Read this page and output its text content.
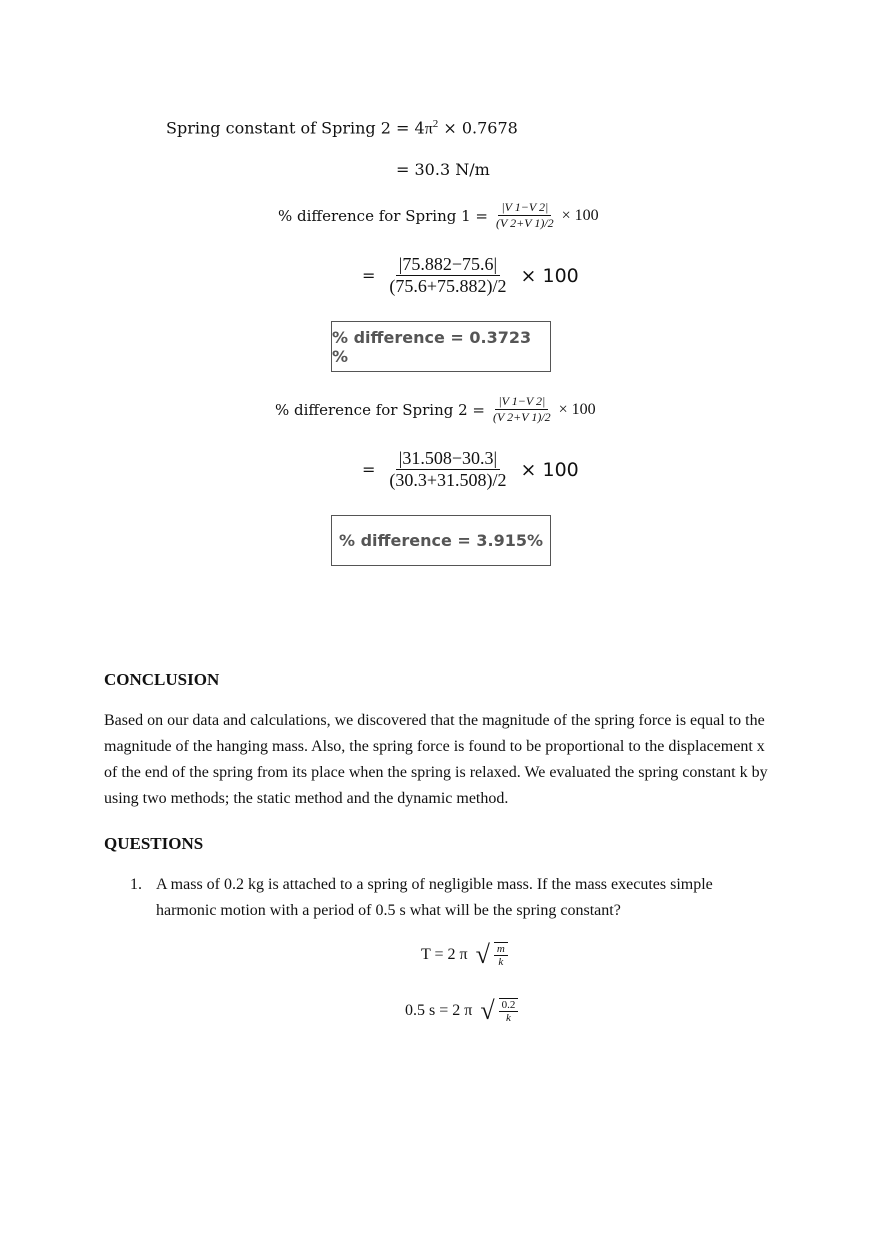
Spring constant of Spring $2 = 4\pi^2 \times 0.7678$
= 30.3 N/m
% difference for Spring $1 = \frac{|V 1-V 2|}{(V 2+V 1)/2} \times 100$
= $\frac{|75.882-75.6|}{(75.6+75.882)/2} \times 100$
% difference = 0.3723 %
% difference for Spring $2 = \frac{|V 1-V 2|}{(V 2+V 1)/2} \times 100$
= $\frac{|31.508-30.3|}{(30.3+31.508)/2} \times 100$
% difference = 3.915%
CONCLUSION
Based on our data and calculations, we discovered that the magnitude of the spring force is equal to the magnitude of the hanging mass. Also, the spring force is found to be proportional to the displacement x of the end of the spring from its place when the spring is relaxed. We evaluated the spring constant k by using two methods; the static method and the dynamic method.
QUESTIONS
1. A mass of 0.2 kg is attached to a spring of negligible mass. If the mass executes simple harmonic motion with a period of 0.5 s what will be the spring constant?
T = 2 π √ $\frac{m}{k}$
0.5 s = 2 π √ $\frac{0.2}{k}$
